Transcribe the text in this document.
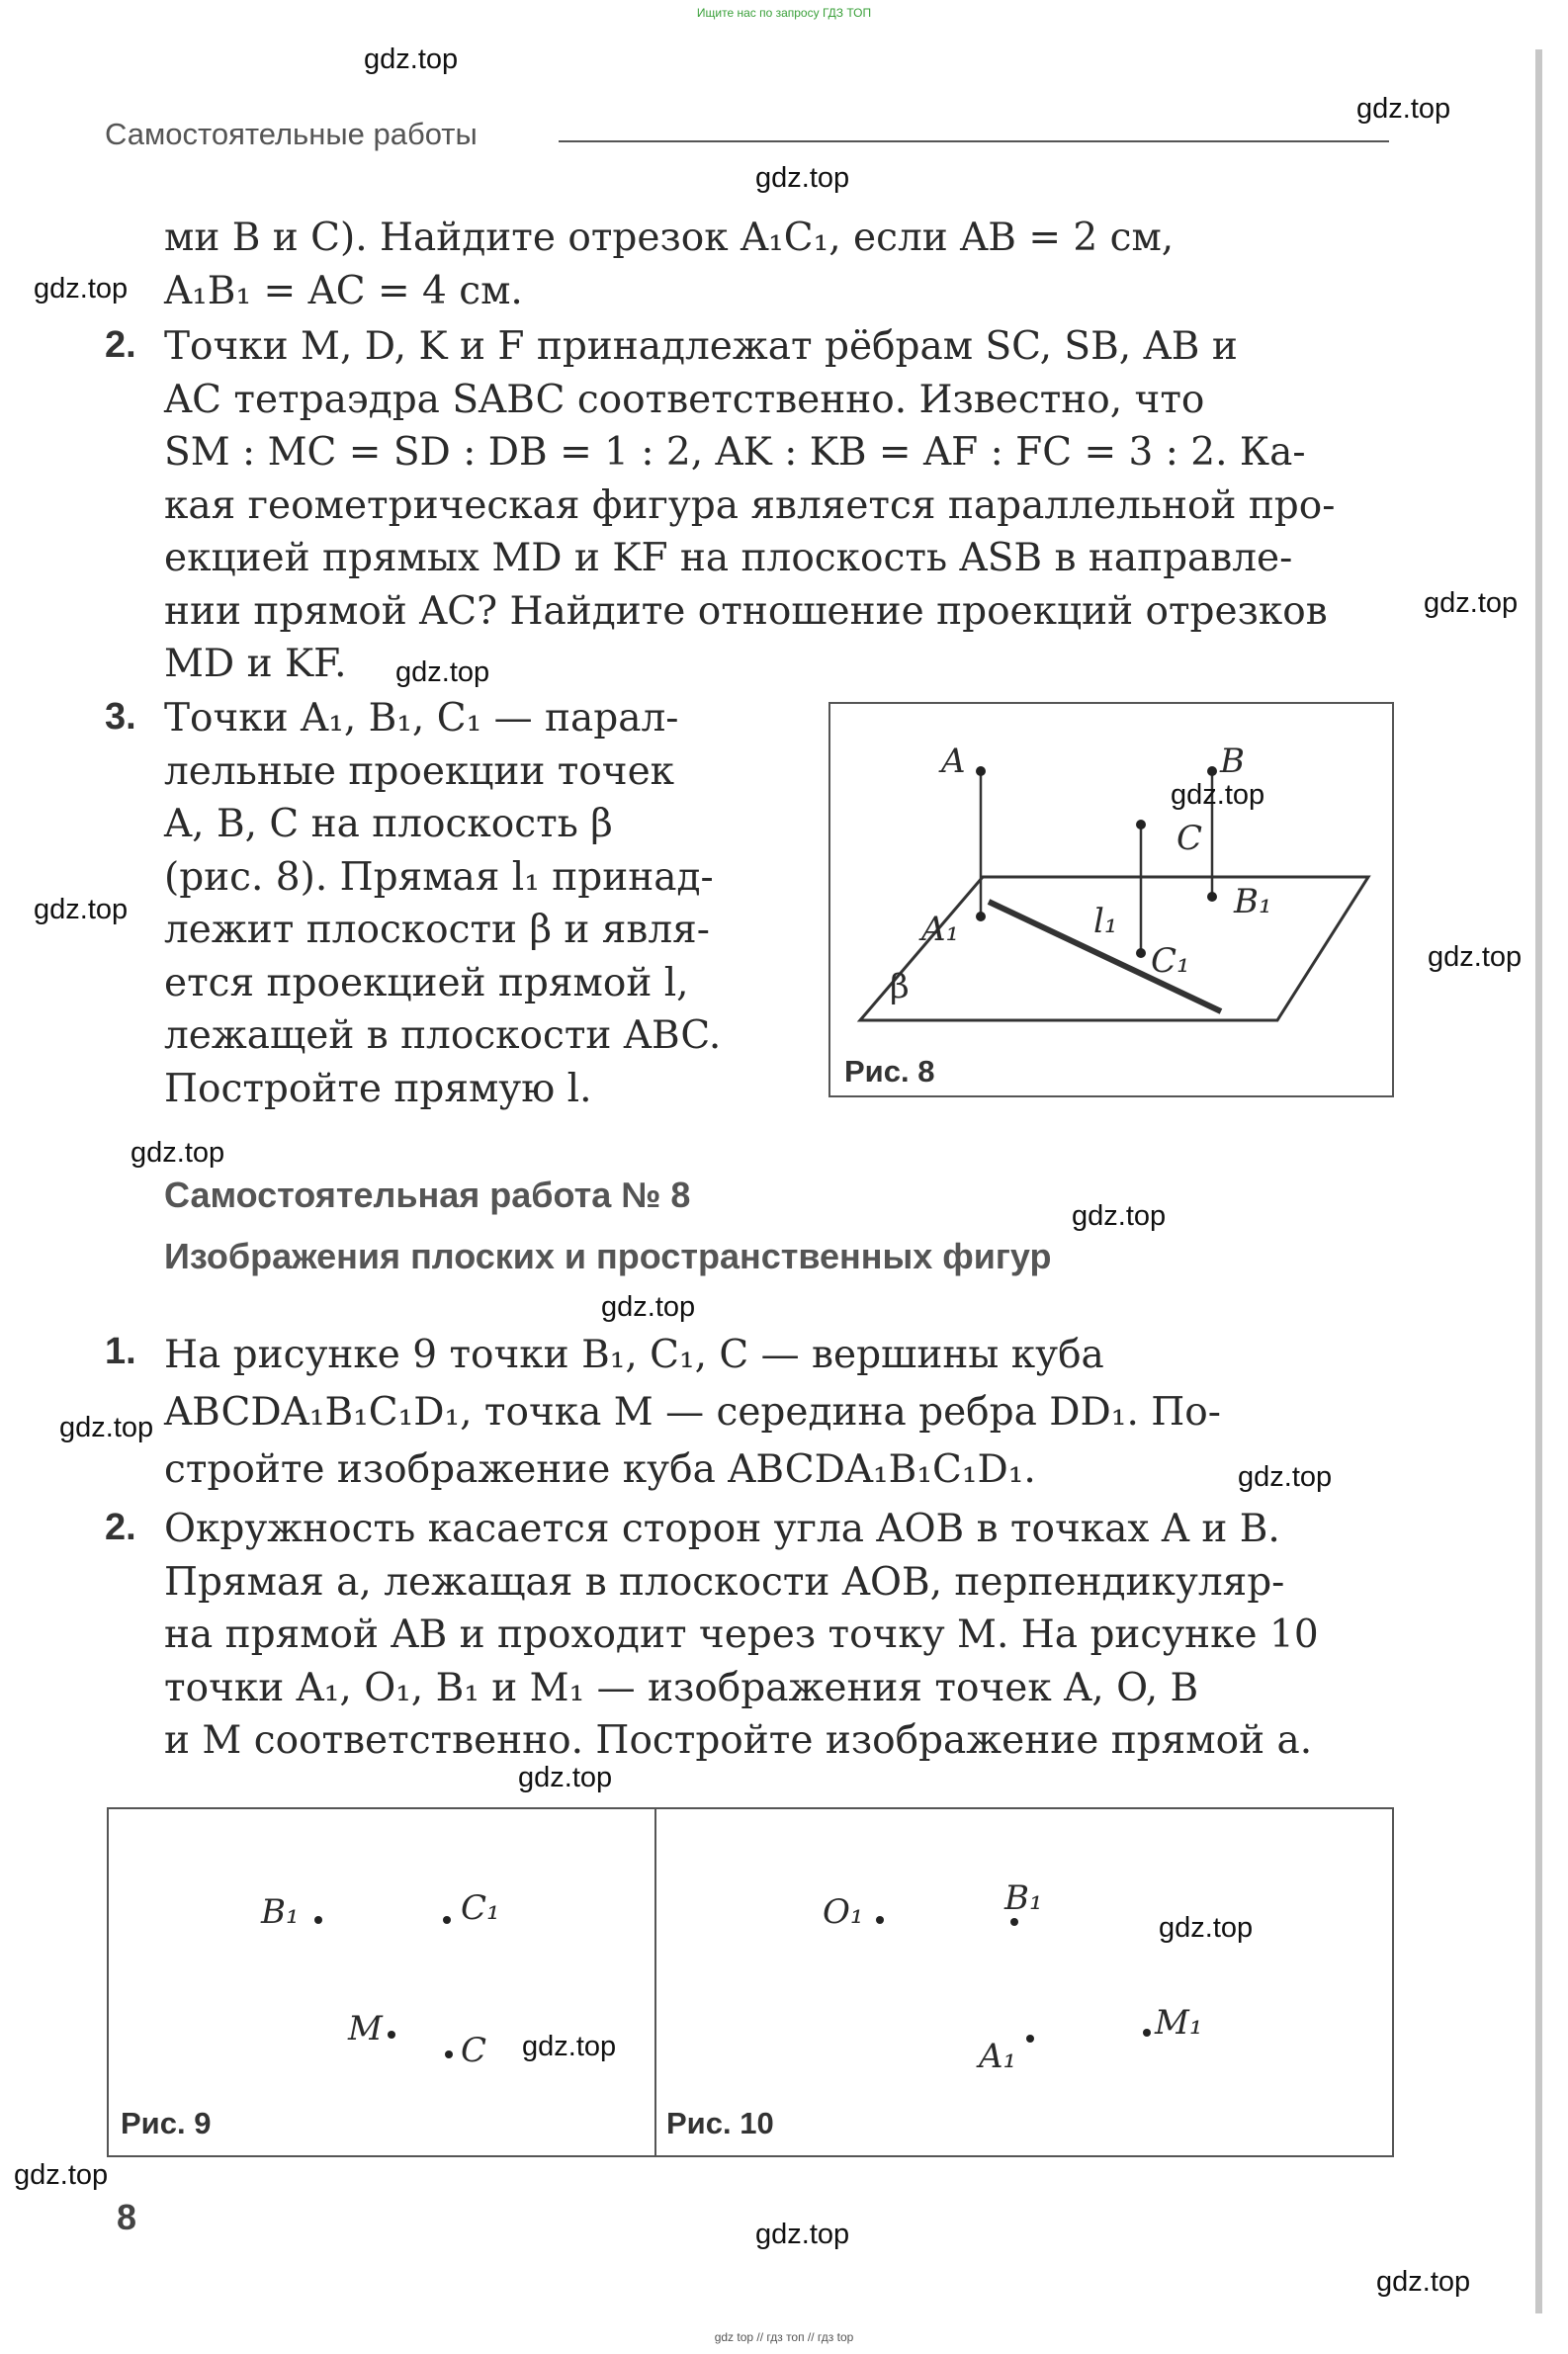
Ищите нас по запросу ГДЗ ТОП
gdz top // гдз топ // гдз top
Самостоятельные работы
ми B и C). Найдите отрезок A₁C₁, если AB = 2 см,
A₁B₁ = AC = 4 см.
2. Точки M, D, K и F принадлежат рёбрам SC, SB, AB и
AC тетраэдра SABC соответственно. Известно, что
SM : MC = SD : DB = 1 : 2, AK : KB = AF : FC = 3 : 2. Ка-
кая геометрическая фигура является параллельной про-
екцией прямых MD и KF на плоскость ASB в направле-
нии прямой AC? Найдите отношение проекций отрезков
MD и KF.
3. Точки A₁, B₁, C₁ — парал-
лельные проекции точек
A, B, C на плоскость β
(рис. 8). Прямая l₁ принад-
лежит плоскости β и явля-
ется проекцией прямой l,
лежащей в плоскости ABC.
Постройте прямую l.
A	B
C
A₁
B₁
C₁
l₁
β
Рис. 8
Самостоятельная работа № 8
Изображения плоских и пространственных фигур
1. На рисунке 9 точки B₁, C₁, C — вершины куба
ABCDA₁B₁C₁D₁, точка M — середина ребра DD₁. По-
стройте изображение куба ABCDA₁B₁C₁D₁.
2. Окружность касается сторон угла AOB в точках A и B.
Прямая a, лежащая в плоскости AOB, перпендикуляр-
на прямой AB и проходит через точку M. На рисунке 10
точки A₁, O₁, B₁ и M₁ — изображения точек A, O, B
и M соответственно. Постройте изображение прямой a.
B₁	C₁
M
C
Рис. 9
O₁	B₁
M₁
A₁
Рис. 10
8
gdz.top
gdz.top
gdz.top
gdz.top
gdz.top
gdz.top
gdz.top
gdz.top
gdz.top
gdz.top
gdz.top
gdz.top
gdz.top
gdz.top
gdz.top
gdz.top
gdz.top
gdz.top
gdz.top
gdz.top
